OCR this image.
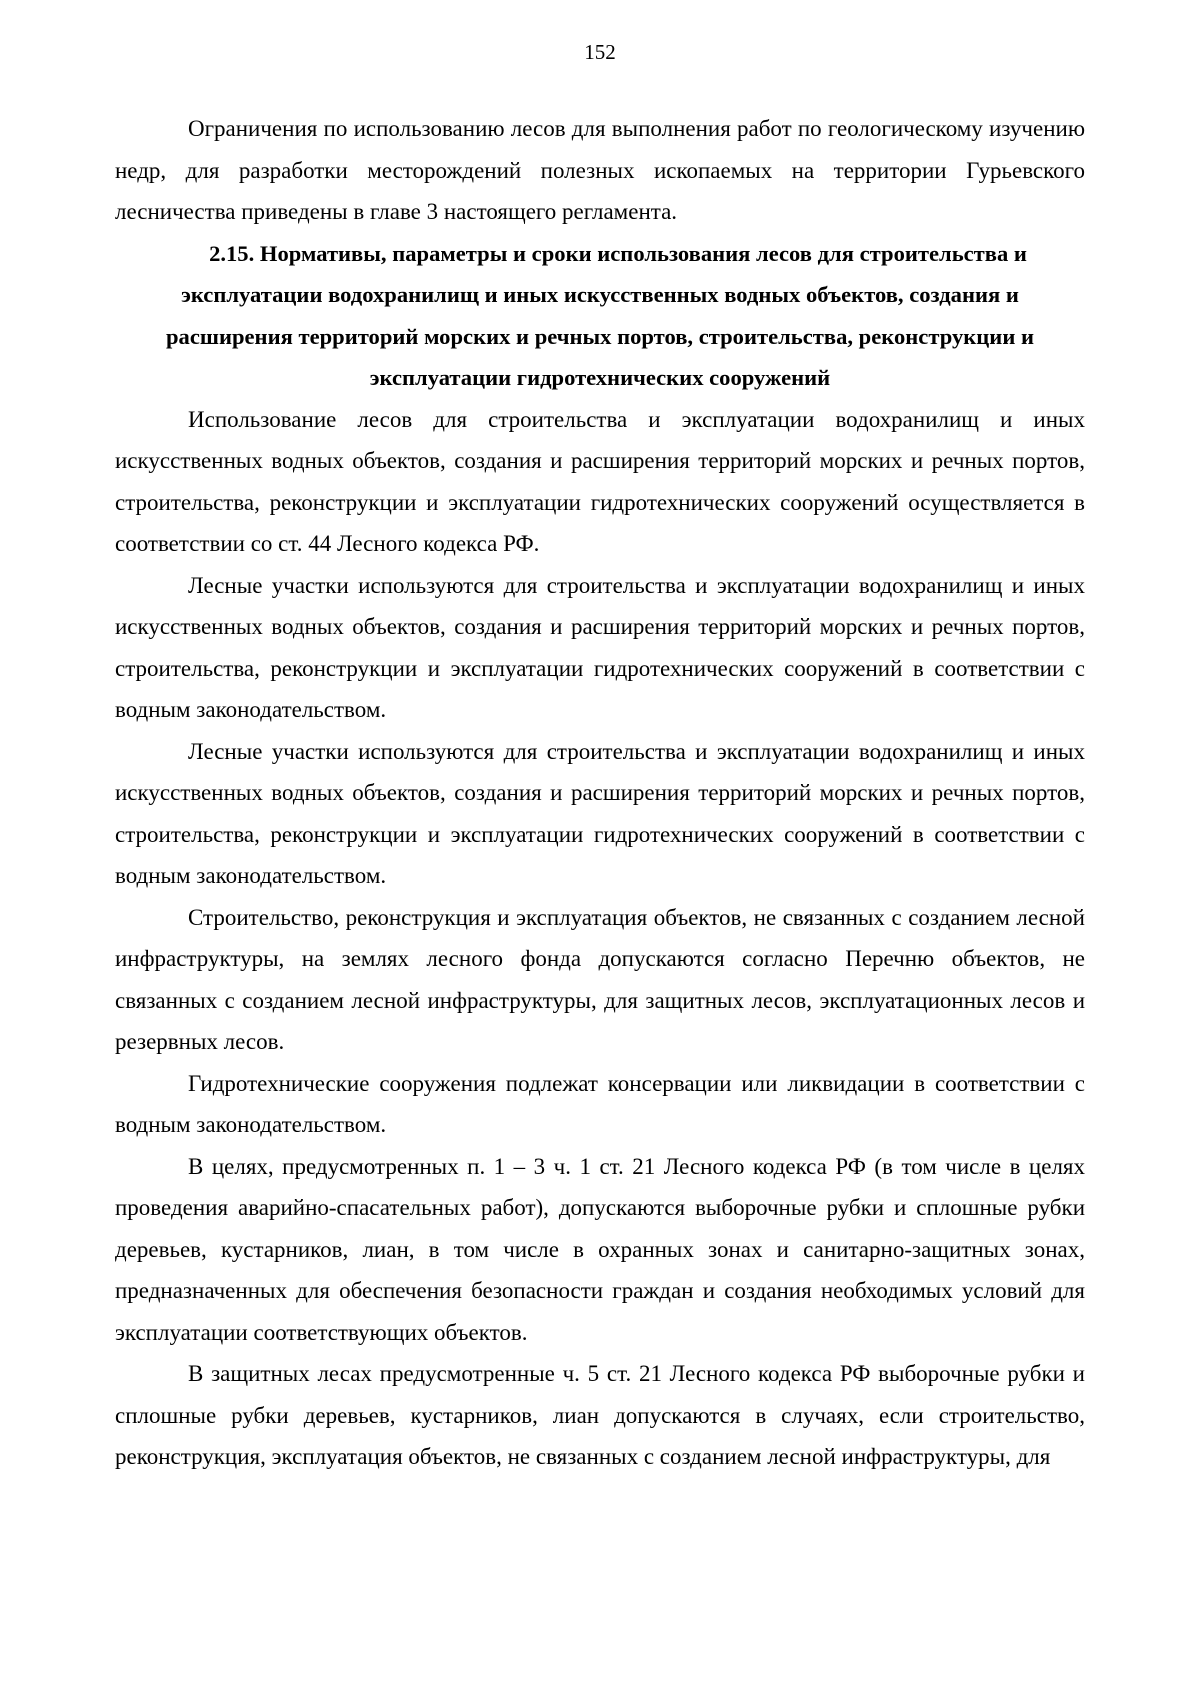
152

Ограничения по использованию лесов для выполнения работ по геологическому изучению недр, для разработки месторождений полезных ископаемых на территории Гурьевского лесничества приведены в главе 3 настоящего регламента.

2.15. Нормативы, параметры и сроки использования лесов для строительства и
эксплуатации водохранилищ и иных искусственных водных объектов, создания и
расширения территорий морских и речных портов, строительства, реконструкции и
эксплуатации гидротехнических сооружений

Использование лесов для строительства и эксплуатации водохранилищ и иных искусственных водных объектов, создания и расширения территорий морских и речных портов, строительства, реконструкции и эксплуатации гидротехнических сооружений осуществляется в соответствии со ст. 44 Лесного кодекса РФ.

Лесные участки используются для строительства и эксплуатации водохранилищ и иных искусственных водных объектов, создания и расширения территорий морских и речных портов, строительства, реконструкции и эксплуатации гидротехнических сооружений в соответствии с водным законодательством.

Лесные участки используются для строительства и эксплуатации водохранилищ и иных искусственных водных объектов, создания и расширения территорий морских и речных портов, строительства, реконструкции и эксплуатации гидротехнических сооружений в соответствии с водным законодательством.

Строительство, реконструкция и эксплуатация объектов, не связанных с созданием лесной инфраструктуры, на землях лесного фонда допускаются согласно Перечню объектов, не связанных с созданием лесной инфраструктуры, для защитных лесов, эксплуатационных лесов и резервных лесов.

Гидротехнические сооружения подлежат консервации или ликвидации в соответствии с водным законодательством.

В целях, предусмотренных п. 1 – 3 ч. 1 ст. 21 Лесного кодекса РФ (в том числе в целях проведения аварийно-спасательных работ), допускаются выборочные рубки и сплошные рубки деревьев, кустарников, лиан, в том числе в охранных зонах и санитарно-защитных зонах, предназначенных для обеспечения безопасности граждан и создания необходимых условий для эксплуатации соответствующих объектов.

В защитных лесах предусмотренные ч. 5 ст. 21 Лесного кодекса РФ выборочные рубки и сплошные рубки деревьев, кустарников, лиан допускаются в случаях, если строительство, реконструкция, эксплуатация объектов, не связанных с созданием лесной инфраструктуры, для
